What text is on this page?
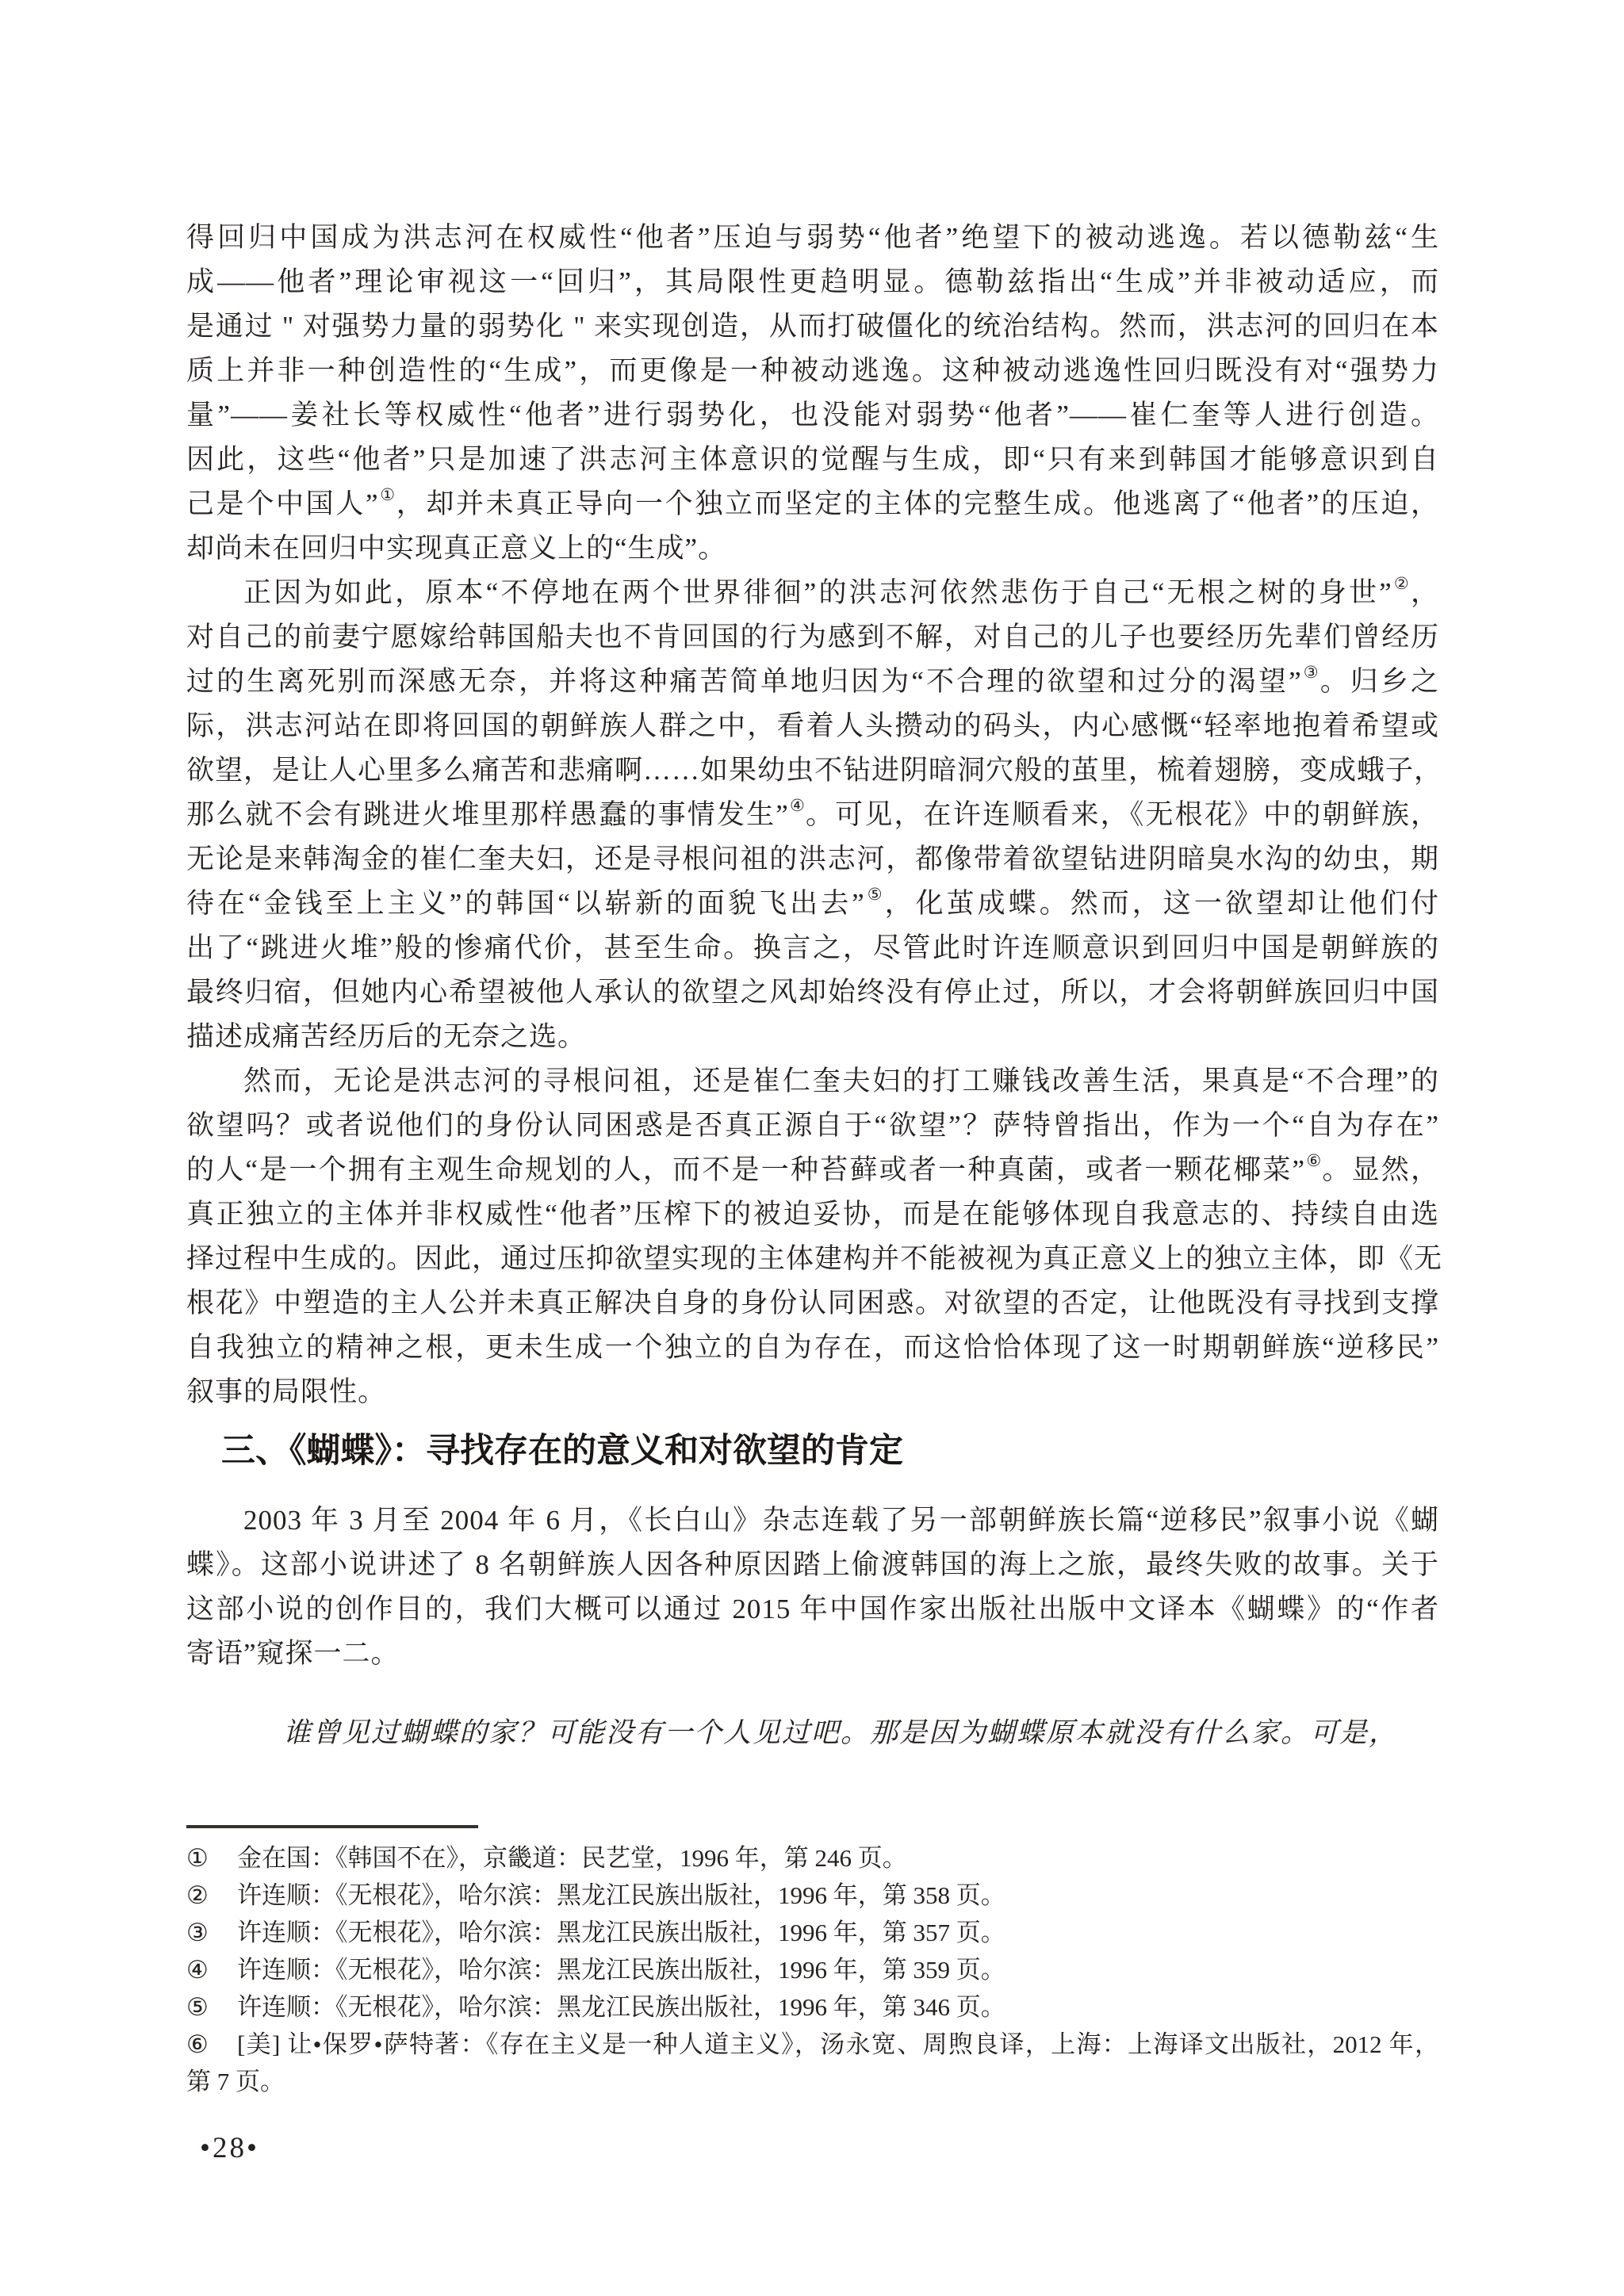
得回归中国成为洪志河在权威性“他者”压迫与弱势“他者”绝望下的被动逃逸。若以德勒兹“生
成——他者”理论审视这一“回归”，其局限性更趋明显。德勒兹指出“生成”并非被动适应，而
是通过 " 对强势力量的弱势化 " 来实现创造，从而打破僵化的统治结构。然而，洪志河的回归在本
质上并非一种创造性的“生成”，而更像是一种被动逃逸。这种被动逃逸性回归既没有对“强势力
量”——姜社长等权威性“他者”进行弱势化，也没能对弱势“他者”——崔仁奎等人进行创造。
因此，这些“他者”只是加速了洪志河主体意识的觉醒与生成，即“只有来到韩国才能够意识到自
己是个中国人”①，却并未真正导向一个独立而坚定的主体的完整生成。他逃离了“他者”的压迫，
却尚未在回归中实现真正意义上的“生成”。
正因为如此，原本“不停地在两个世界徘徊”的洪志河依然悲伤于自己“无根之树的身世”②，
对自己的前妻宁愿嫁给韩国船夫也不肯回国的行为感到不解，对自己的儿子也要经历先辈们曾经历
过的生离死别而深感无奈，并将这种痛苦简单地归因为“不合理的欲望和过分的渴望”③。归乡之
际，洪志河站在即将回国的朝鲜族人群之中，看着人头攒动的码头，内心感慨“轻率地抱着希望或
欲望，是让人心里多么痛苦和悲痛啊……如果幼虫不钻进阴暗洞穴般的茧里，梳着翅膀，变成蛾子，
那么就不会有跳进火堆里那样愚蠢的事情发生”④。可见，在许连顺看来，《无根花》中的朝鲜族，
无论是来韩淘金的崔仁奎夫妇，还是寻根问祖的洪志河，都像带着欲望钻进阴暗臭水沟的幼虫，期
待在“金钱至上主义”的韩国“以崭新的面貌飞出去”⑤，化茧成蝶。然而，这一欲望却让他们付
出了“跳进火堆”般的惨痛代价，甚至生命。换言之，尽管此时许连顺意识到回归中国是朝鲜族的
最终归宿，但她内心希望被他人承认的欲望之风却始终没有停止过，所以，才会将朝鲜族回归中国
描述成痛苦经历后的无奈之选。
然而，无论是洪志河的寻根问祖，还是崔仁奎夫妇的打工赚钱改善生活，果真是“不合理”的
欲望吗？或者说他们的身份认同困惑是否真正源自于“欲望”？萨特曾指出，作为一个“自为存在”
的人“是一个拥有主观生命规划的人，而不是一种苔藓或者一种真菌，或者一颗花椰菜”⑥。显然，
真正独立的主体并非权威性“他者”压榨下的被迫妥协，而是在能够体现自我意志的、持续自由选
择过程中生成的。因此，通过压抑欲望实现的主体建构并不能被视为真正意义上的独立主体，即《无
根花》中塑造的主人公并未真正解决自身的身份认同困惑。对欲望的否定，让他既没有寻找到支撑
自我独立的精神之根，更未生成一个独立的自为存在，而这恰恰体现了这一时期朝鲜族“逆移民”
叙事的局限性。
三、《蝴蝶》：寻找存在的意义和对欲望的肯定
2003 年 3 月至 2004 年 6 月，《长白山》杂志连载了另一部朝鲜族长篇“逆移民”叙事小说《蝴
蝶》。这部小说讲述了 8 名朝鲜族人因各种原因踏上偷渡韩国的海上之旅，最终失败的故事。关于
这部小说的创作目的，我们大概可以通过 2015 年中国作家出版社出版中文译本《蝴蝶》的“作者
寄语”窥探一二。
谁曾见过蝴蝶的家？可能没有一个人见过吧。那是因为蝴蝶原本就没有什么家。可是，
①	金在国：《韩国不在》，京畿道：民艺堂，1996 年，第 246 页。
②	许连顺：《无根花》，哈尔滨：黑龙江民族出版社，1996 年，第 358 页。
③	许连顺：《无根花》，哈尔滨：黑龙江民族出版社，1996 年，第 357 页。
④	许连顺：《无根花》，哈尔滨：黑龙江民族出版社，1996 年，第 359 页。
⑤	许连顺：《无根花》，哈尔滨：黑龙江民族出版社，1996 年，第 346 页。
⑥	[美] 让•保罗•萨特著：《存在主义是一种人道主义》，汤永宽、周煦良译，上海：上海译文出版社，2012 年，
第 7 页。
•28•
